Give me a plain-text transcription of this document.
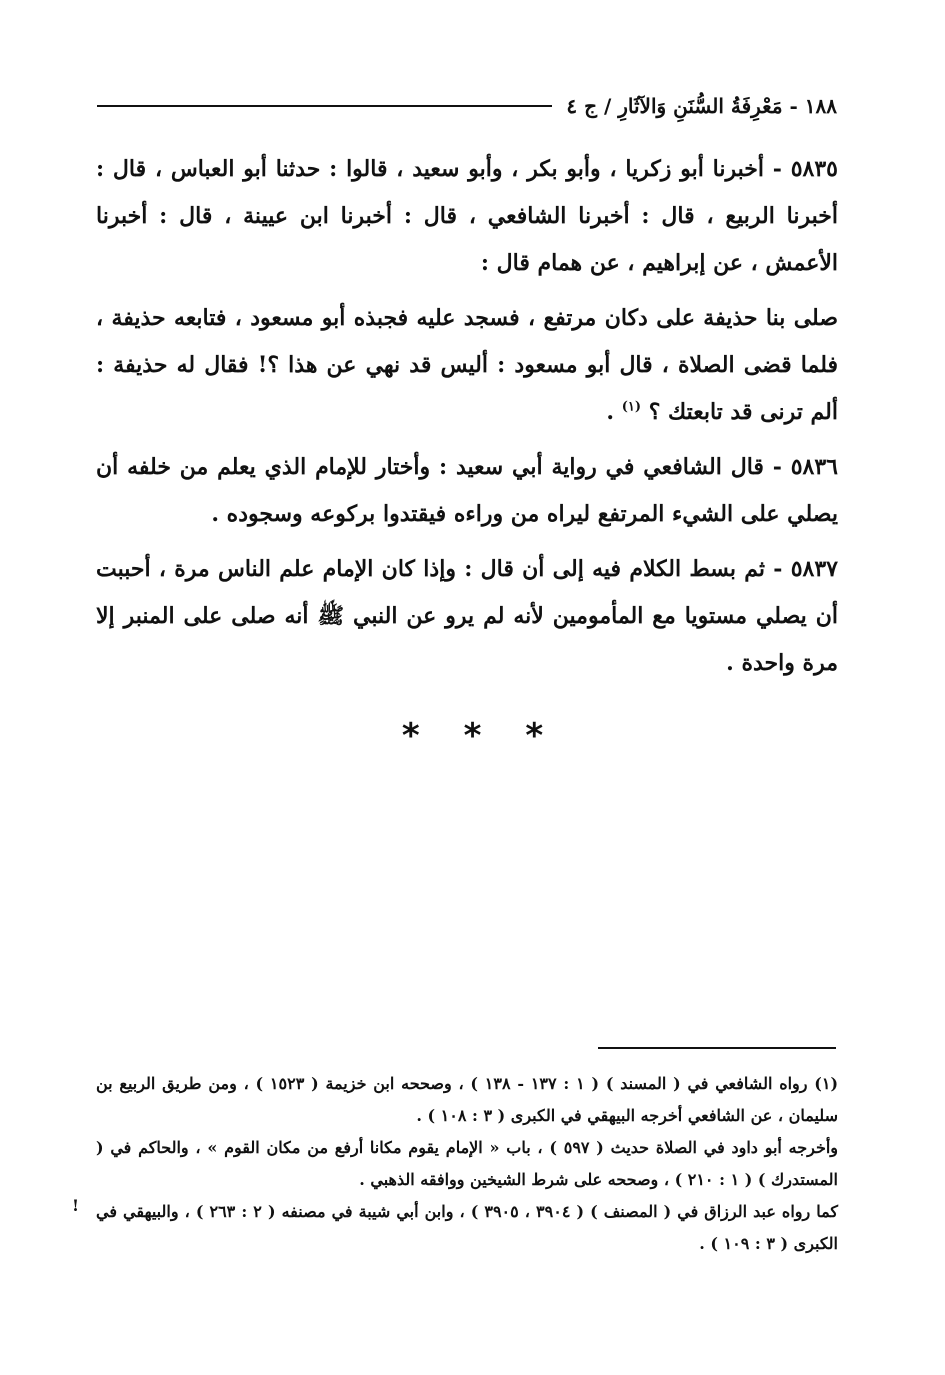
١٨٨ - مَعْرِفَةُ السُّنَنِ وَالآثَارِ / ج ٤

٥٨٣٥ - أخبرنا أبو زكريا ، وأبو بكر ، وأبو سعيد ، قالوا : حدثنا أبو العباس ، قال : أخبرنا الربيع ، قال : أخبرنا الشافعي ، قال : أخبرنا ابن عيينة ، قال : أخبرنا الأعمش ، عن إبراهيم ، عن همام قال :

صلى بنا حذيفة على دكان مرتفع ، فسجد عليه فجبذه أبو مسعود ، فتابعه حذيفة ، فلما قضى الصلاة ، قال أبو مسعود : أليس قد نهي عن هذا ؟! فقال له حذيفة : ألم ترنى قد تابعتك ؟ $^{(١)}$ .

٥٨٣٦ - قال الشافعي في رواية أبي سعيد : وأختار للإمام الذي يعلم من خلفه أن يصلي على الشيء المرتفع ليراه من وراءه فيقتدوا بركوعه وسجوده .

٥٨٣٧ - ثم بسط الكلام فيه إلى أن قال : وإذا كان الإمام علم الناس مرة ، أحببت أن يصلي مستويا مع المأمومين لأنه لم يرو عن النبي ﷺ أنه صلى على المنبر إلا مرة واحدة .

* * *

(١) رواه الشافعي في ( المسند ) ( ١ : ١٣٧ - ١٣٨ ) ، وصححه ابن خزيمة ( ١٥٢٣ ) ، ومن طريق الربيع بن سليمان ، عن الشافعي أخرجه البيهقي في الكبرى ( ٣ : ١٠٨ ) .

وأخرجه أبو داود في الصلاة حديث ( ٥٩٧ ) ، باب « الإمام يقوم مكانا أرفع من مكان القوم » ، والحاكم في ( المستدرك ) ( ١ : ٢١٠ ) ، وصححه على شرط الشيخين ووافقه الذهبي .

كما رواه عبد الرزاق في ( المصنف ) ( ٣٩٠٤ ، ٣٩٠٥ ) ، وابن أبي شيبة في مصنفه ( ٢ : ٢٦٣ ) ، والبيهقي في الكبرى ( ٣ : ١٠٩ ) .

!
